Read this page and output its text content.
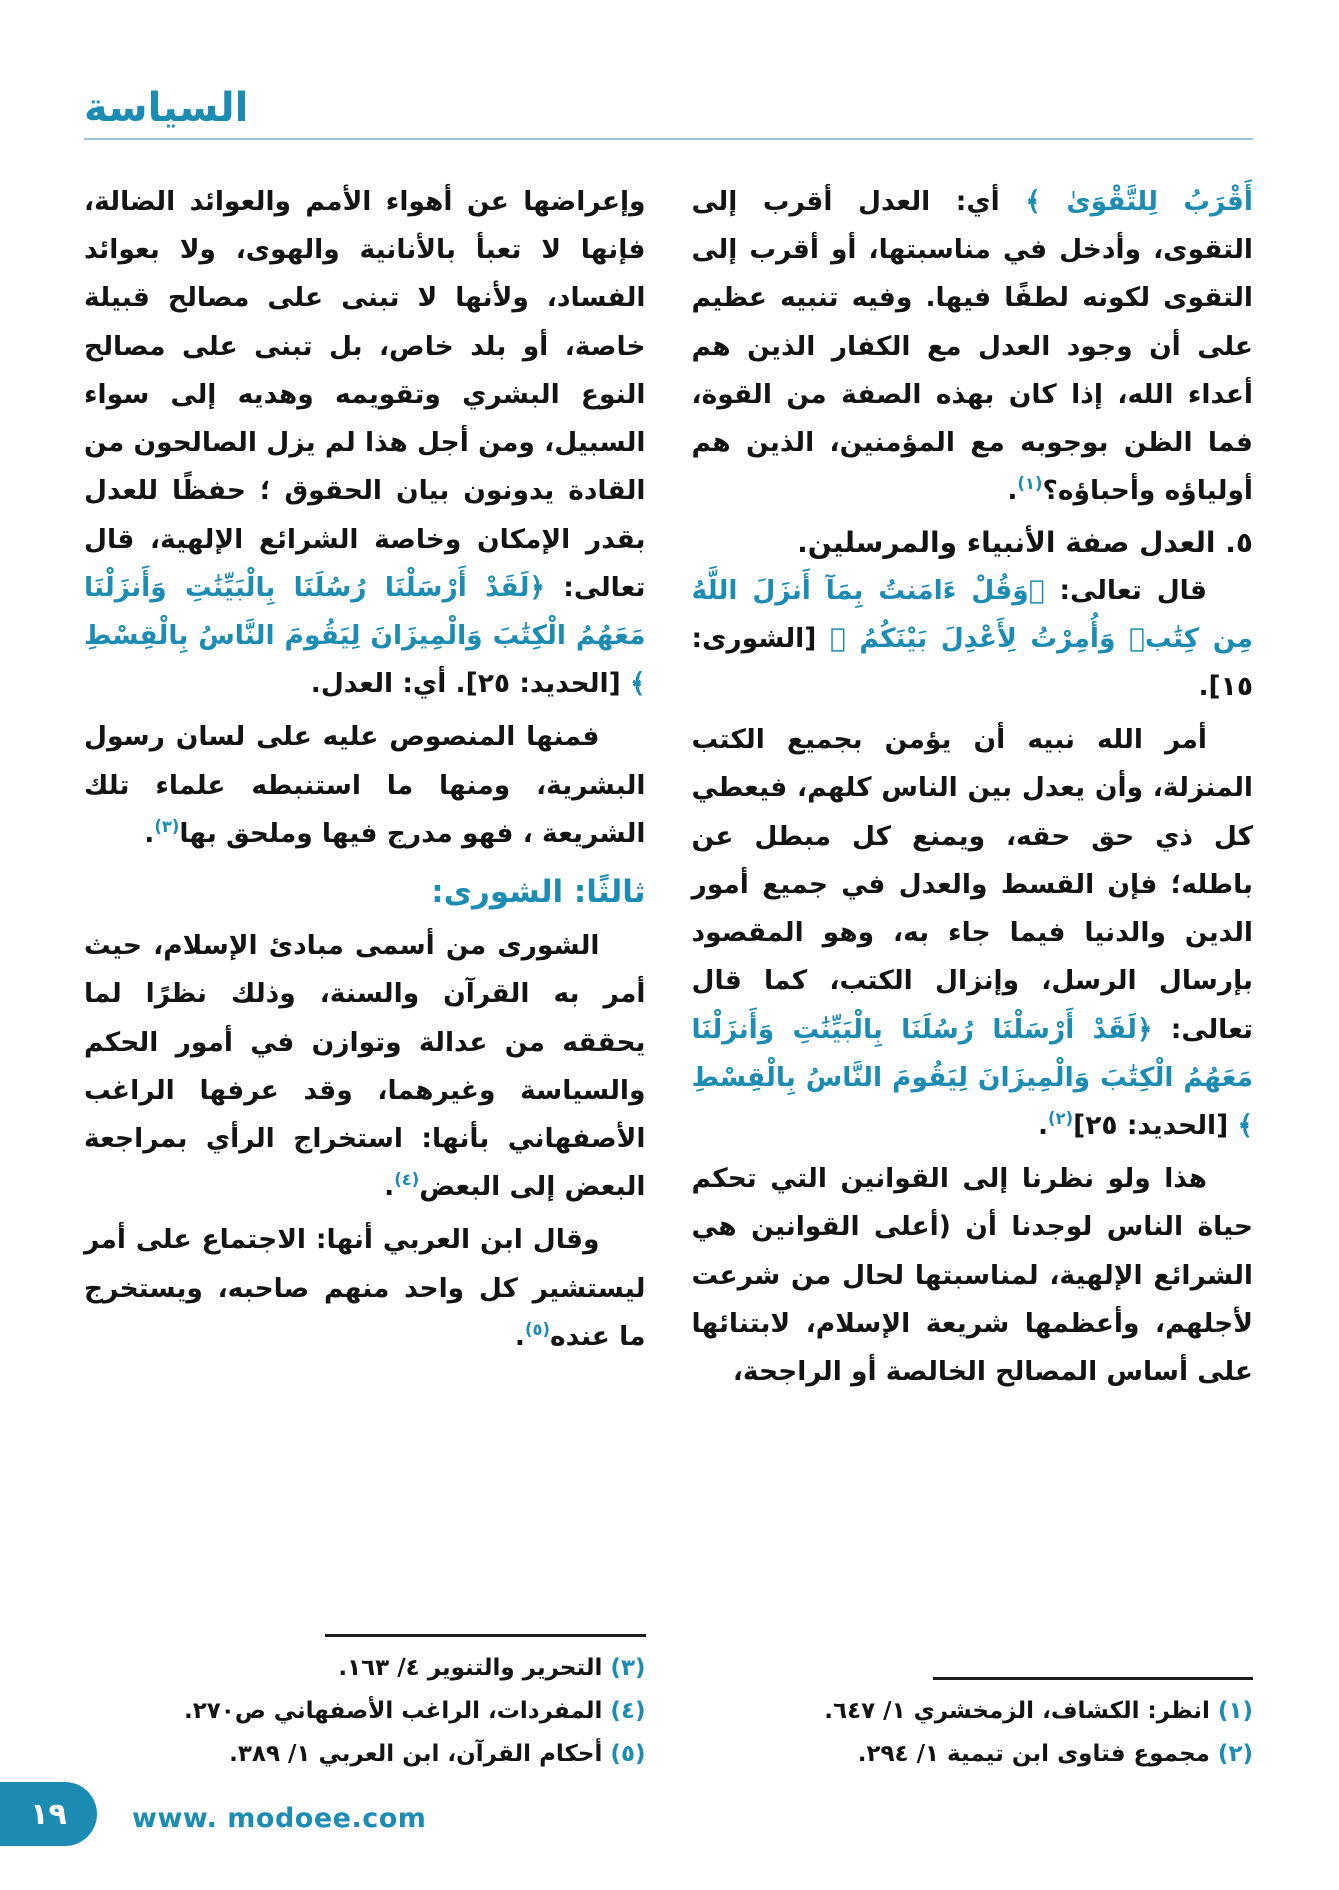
السياسة

أَقْرَبُ لِلتَّقْوَىٰ ﴾ أي: العدل أقرب إلى التقوى، وأدخل في مناسبتها، أو أقرب إلى التقوى لكونه لطفًا فيها. وفيه تنبيه عظيم على أن وجود العدل مع الكفار الذين هم أعداء الله، إذا كان بهذه الصفة من القوة، فما الظن بوجوبه مع المؤمنين، الذين هم أولياؤه وأحباؤه؟$^{(١)}$.

٥. العدل صفة الأنبياء والمرسلين.

قال تعالى: ﴿وَقُلْ ءَامَنتُ بِمَآ أَنزَلَ اللَّهُ مِن كِتَٰبٖ وَأُمِرْتُ لِأَعْدِلَ بَيْنَكُمُ ﴾ [الشورى: ١٥].

أمر الله نبيه أن يؤمن بجميع الكتب المنزلة، وأن يعدل بين الناس كلهم، فيعطي كل ذي حق حقه، ويمنع كل مبطل عن باطله؛ فإن القسط والعدل في جميع أمور الدين والدنيا فيما جاء به، وهو المقصود بإرسال الرسل، وإنزال الكتب، كما قال تعالى: ﴿لَقَدْ أَرْسَلْنَا رُسُلَنَا بِالْبَيِّنَٰتِ وَأَنزَلْنَا مَعَهُمُ الْكِتَٰبَ وَالْمِيزَانَ لِيَقُومَ النَّاسُ بِالْقِسْطِ ﴾ [الحديد: ٢٥]$^{(٢)}$.

هذا ولو نظرنا إلى القوانين التي تحكم حياة الناس لوجدنا أن (أعلى القوانين هي الشرائع الإلهية، لمناسبتها لحال من شرعت لأجلهم، وأعظمها شريعة الإسلام، لابتنائها على أساس المصالح الخالصة أو الراجحة،

(١) انظر: الكشاف، الزمخشري ١/ ٦٤٧.

(٢) مجموع فتاوى ابن تيمية ١/ ٢٩٤.

وإعراضها عن أهواء الأمم والعوائد الضالة، فإنها لا تعبأ بالأنانية والهوى، ولا بعوائد الفساد، ولأنها لا تبنى على مصالح قبيلة خاصة، أو بلد خاص، بل تبنى على مصالح النوع البشري وتقويمه وهديه إلى سواء السبيل، ومن أجل هذا لم يزل الصالحون من القادة يدونون بيان الحقوق ؛ حفظًا للعدل بقدر الإمكان وخاصة الشرائع الإلهية، قال تعالى: ﴿لَقَدْ أَرْسَلْنَا رُسُلَنَا بِالْبَيِّنَٰتِ وَأَنزَلْنَا مَعَهُمُ الْكِتَٰبَ وَالْمِيزَانَ لِيَقُومَ النَّاسُ بِالْقِسْطِ ﴾ [الحديد: ٢٥]. أي: العدل.

فمنها المنصوص عليه على لسان رسول البشرية، ومنها ما استنبطه علماء تلك الشريعة ، فهو مدرج فيها وملحق بها$^{(٣)}$.

ثالثًا: الشورى:

الشورى من أسمى مبادئ الإسلام، حيث أمر به القرآن والسنة، وذلك نظرًا لما يحققه من عدالة وتوازن في أمور الحكم والسياسة وغيرهما، وقد عرفها الراغب الأصفهاني بأنها: استخراج الرأي بمراجعة البعض إلى البعض$^{(٤)}$.

وقال ابن العربي أنها: الاجتماع على أمر ليستشير كل واحد منهم صاحبه، ويستخرج ما عنده$^{(٥)}$.

(٣) التحرير والتنوير ٤/ ١٦٣.

(٤) المفردات، الراغب الأصفهاني ص٢٧٠.

(٥) أحكام القرآن، ابن العربي ١/ ٣٨٩.

١٩ www. modoee.com
